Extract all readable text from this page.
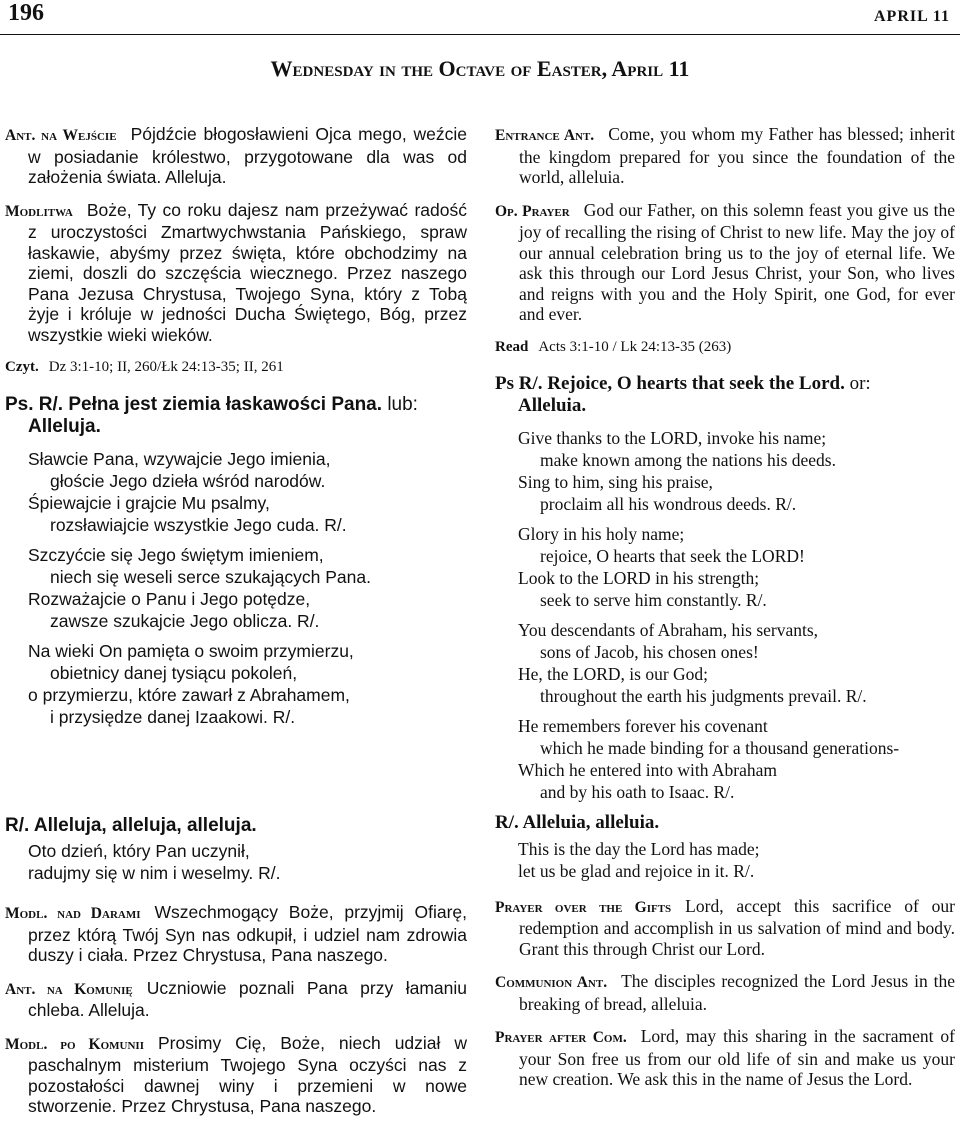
196	APRIL 11
Wednesday in the Octave of Easter, April 11
Ant. na Wejście Pójdźcie błogosławieni Ojca mego, weźcie w posiadanie królestwo, przygotowane dla was od założenia świata. Alleluja.
Modlitwa Boże, Ty co roku dajesz nam przeżywać radość z uroczystości Zmartwychwstania Pańskiego, spraw łaskawie, abyśmy przez święta, które obchodzimy na ziemi, doszli do szczęścia wiecznego. Przez naszego Pana Jezusa Chrystusa, Twojego Syna, który z Tobą żyje i króluje w jedności Ducha Świętego, Bóg, przez wszystkie wieki wieków.
Czyt. Dz 3:1-10; II, 260/Łk 24:13-35; II, 261
Ps. R/. Pełna jest ziemia łaskawości Pana. lub:
Alleluja.
Sławcie Pana, wzywajcie Jego imienia,
głoście Jego dzieła wśród narodów.
Śpiewajcie i grajcie Mu psalmy,
rozsławiajcie wszystkie Jego cuda. R/.
Szczyćcie się Jego świętym imieniem,
niech się weseli serce szukających Pana.
Rozważajcie o Panu i Jego potędze,
zawsze szukajcie Jego oblicza. R/.
Na wieki On pamięta o swoim przymierzu,
obietnicy danej tysiącu pokoleń,
o przymierzu, które zawarł z Abrahamem,
i przysiędze danej Izaakowi. R/.
R/. Alleluja, alleluja, alleluja.
Oto dzień, który Pan uczynił,
radujmy się w nim i weselmy. R/.
Modl. nad Darami Wszechmogący Boże, przyjmij Ofiarę, przez którą Twój Syn nas odkupił, i udziel nam zdrowia duszy i ciała. Przez Chrystusa, Pana naszego.
Ant. na Komunię Uczniowie poznali Pana przy łamaniu chleba. Alleluja.
Modl. po Komunii Prosimy Cię, Boże, niech udział w paschalnym misterium Twojego Syna oczyści nas z pozostałości dawnej winy i przemieni w nowe stworzenie. Przez Chrystusa, Pana naszego.
Entrance Ant. Come, you whom my Father has blessed; inherit the kingdom prepared for you since the foundation of the world, alleluia.
Op. Prayer God our Father, on this solemn feast you give us the joy of recalling the rising of Christ to new life. May the joy of our annual celebration bring us to the joy of eternal life. We ask this through our Lord Jesus Christ, your Son, who lives and reigns with you and the Holy Spirit, one God, for ever and ever.
Read Acts 3:1-10 / Lk 24:13-35 (263)
Ps R/. Rejoice, O hearts that seek the Lord. or:
Alleluia.
Give thanks to the LORD, invoke his name;
make known among the nations his deeds.
Sing to him, sing his praise,
proclaim all his wondrous deeds. R/.
Glory in his holy name;
rejoice, O hearts that seek the LORD!
Look to the LORD in his strength;
seek to serve him constantly. R/.
You descendants of Abraham, his servants,
sons of Jacob, his chosen ones!
He, the LORD, is our God;
throughout the earth his judgments prevail. R/.
He remembers forever his covenant
which he made binding for a thousand generations-
Which he entered into with Abraham
and by his oath to Isaac. R/.
R/. Alleluia, alleluia.
This is the day the Lord has made;
let us be glad and rejoice in it. R/.
Prayer over the Gifts Lord, accept this sacrifice of our redemption and accomplish in us salvation of mind and body. Grant this through Christ our Lord.
Communion Ant. The disciples recognized the Lord Jesus in the breaking of bread, alleluia.
Prayer after Com. Lord, may this sharing in the sacrament of your Son free us from our old life of sin and make us your new creation. We ask this in the name of Jesus the Lord.
